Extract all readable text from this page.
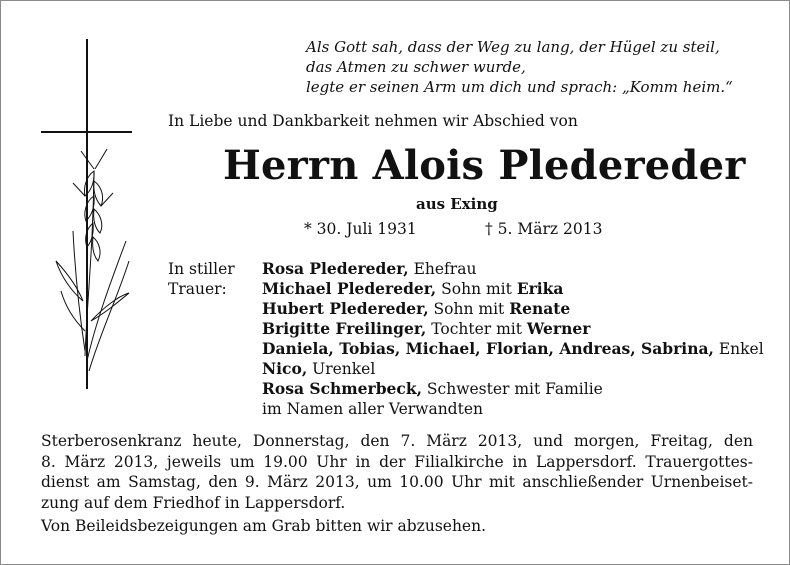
Als Gott sah, dass der Weg zu lang, der Hügel zu steil,
das Atmen zu schwer wurde,
legte er seinen Arm um dich und sprach: „Komm heim.“
In Liebe und Dankbarkeit nehmen wir Abschied von
Herrn Alois Pledereder
aus Exing
* 30. Juli 1931	† 5. März 2013
In stiller
Trauer:
Rosa Pledereder, Ehefrau
Michael Pledereder, Sohn mit Erika
Hubert Pledereder, Sohn mit Renate
Brigitte Freilinger, Tochter mit Werner
Daniela, Tobias, Michael, Florian, Andreas, Sabrina, Enkel
Nico, Urenkel
Rosa Schmerbeck, Schwester mit Familie
im Namen aller Verwandten
Sterberosenkranz heute, Donnerstag, den 7. März 2013, und morgen, Freitag, den
8. März 2013, jeweils um 19.00 Uhr in der Filialkirche in Lappersdorf. Trauergottes-
dienst am Samstag, den 9. März 2013, um 10.00 Uhr mit anschließender Urnenbeiset-
zung auf dem Friedhof in Lappersdorf.

Von Beileidsbezeigungen am Grab bitten wir abzusehen.
